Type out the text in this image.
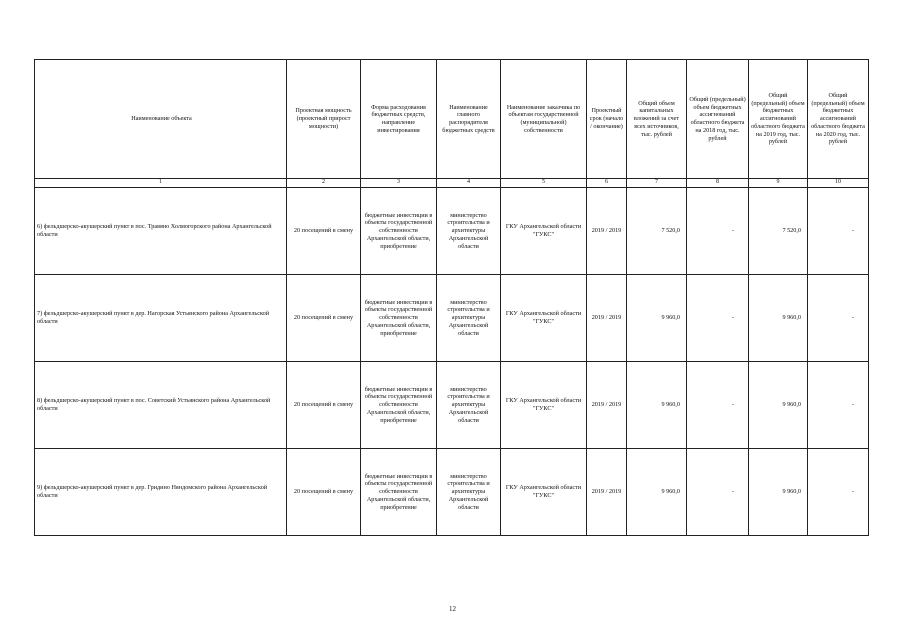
Наименование объекта	Проектная мощность (проектный прирост мощности)	Форма расходования бюджетных средств, направление инвестирования	Наименование главного распорядителя бюджетных средств	Наименование заказчика по объектам государственной (муниципальной) собственности	Проектный срок (начало / окончание)	Общий объем капитальных вложений за счет всех источников, тыс. рублей	Общий (предельный) объем бюджетных ассигнований областного бюджета на 2018 год, тыс. рублей	Общий (предельный) объем бюджетных ассигнований областного бюджета на 2019 год, тыс. рублей	Общий (предельный) объем бюджетных ассигнований областного бюджета на 2020 год, тыс. рублей
1	2	3	4	5	6	7	8	9	10
6) фельдшерско-акушерский пункт в пос. Травяно Холмогорского района Архангельской области	20 посещений в смену	бюджетные инвестиции в объекты государственной собственности Архангельской области, приобретение	министерство строительства и архитектуры Архангельской области	ГКУ Архангельской области "ГУКС"	2019 / 2019	7 520,0	-	7 520,0	-
7) фельдшерско-акушерский пункт в дер. Нагорская Устьянского района Архангельской области	20 посещений в смену	бюджетные инвестиции в объекты государственной собственности Архангельской области, приобретение	министерство строительства и архитектуры Архангельской области	ГКУ Архангельской области "ГУКС"	2019 / 2019	9 960,0	-	9 960,0	-
8) фельдшерско-акушерский пункт в пос. Советский Устьянского района Архангельской области	20 посещений в смену	бюджетные инвестиции в объекты государственной собственности Архангельской области, приобретение	министерство строительства и архитектуры Архангельской области	ГКУ Архангельской области "ГУКС"	2019 / 2019	9 960,0	-	9 960,0	-
9) фельдшерско-акушерский пункт в дер. Гридино Няндомского района Архангельской области	20 посещений в смену	бюджетные инвестиции в объекты государственной собственности Архангельской области, приобретение	министерство строительства и архитектуры Архангельской области	ГКУ Архангельской области "ГУКС"	2019 / 2019	9 960,0	-	9 960,0	-
12
